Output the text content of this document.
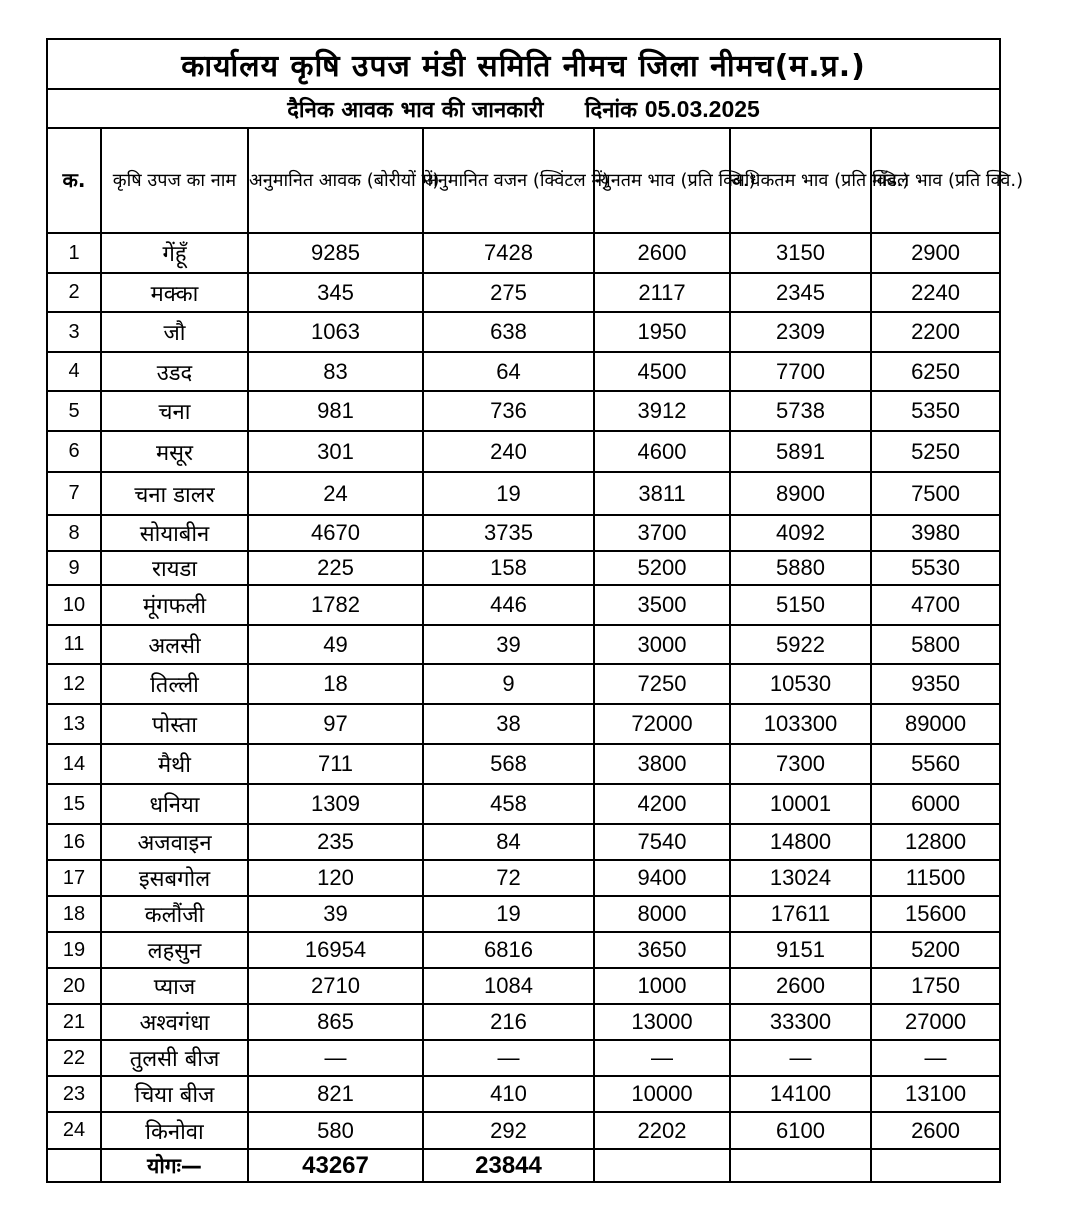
कार्यालय कृषि उपज मंडी समिति नीमच जिला नीमच(म.प्र.)						
दैनिक आवक भाव की जानकारी दिनांक 05.03.2025						
क.	कृषि उपज का नाम	अनुमानित आवक (बोरीयों में)	अनुमानित वजन (क्विंटल में)	न्युनतम भाव (प्रति क्वि.)	अधिकतम भाव (प्रति क्वि.)	मॉडल भाव (प्रति क्वि.)
1	गेंहूँ	9285	7428	2600	3150	2900
2	मक्का	345	275	2117	2345	2240
3	जौ	1063	638	1950	2309	2200
4	उडद	83	64	4500	7700	6250
5	चना	981	736	3912	5738	5350
6	मसूर	301	240	4600	5891	5250
7	चना डालर	24	19	3811	8900	7500
8	सोयाबीन	4670	3735	3700	4092	3980
9	रायडा	225	158	5200	5880	5530
10	मूंगफली	1782	446	3500	5150	4700
11	अलसी	49	39	3000	5922	5800
12	तिल्ली	18	9	7250	10530	9350
13	पोस्ता	97	38	72000	103300	89000
14	मैथी	711	568	3800	7300	5560
15	धनिया	1309	458	4200	10001	6000
16	अजवाइन	235	84	7540	14800	12800
17	इसबगोल	120	72	9400	13024	11500
18	कलौंजी	39	19	8000	17611	15600
19	लहसुन	16954	6816	3650	9151	5200
20	प्याज	2710	1084	1000	2600	1750
21	अश्वगंधा	865	216	13000	33300	27000
22	तुलसी बीज	—	—	—	—	—
23	चिया बीज	821	410	10000	14100	13100
24	किनोवा	580	292	2202	6100	2600
	योगः—	43267	23844			
